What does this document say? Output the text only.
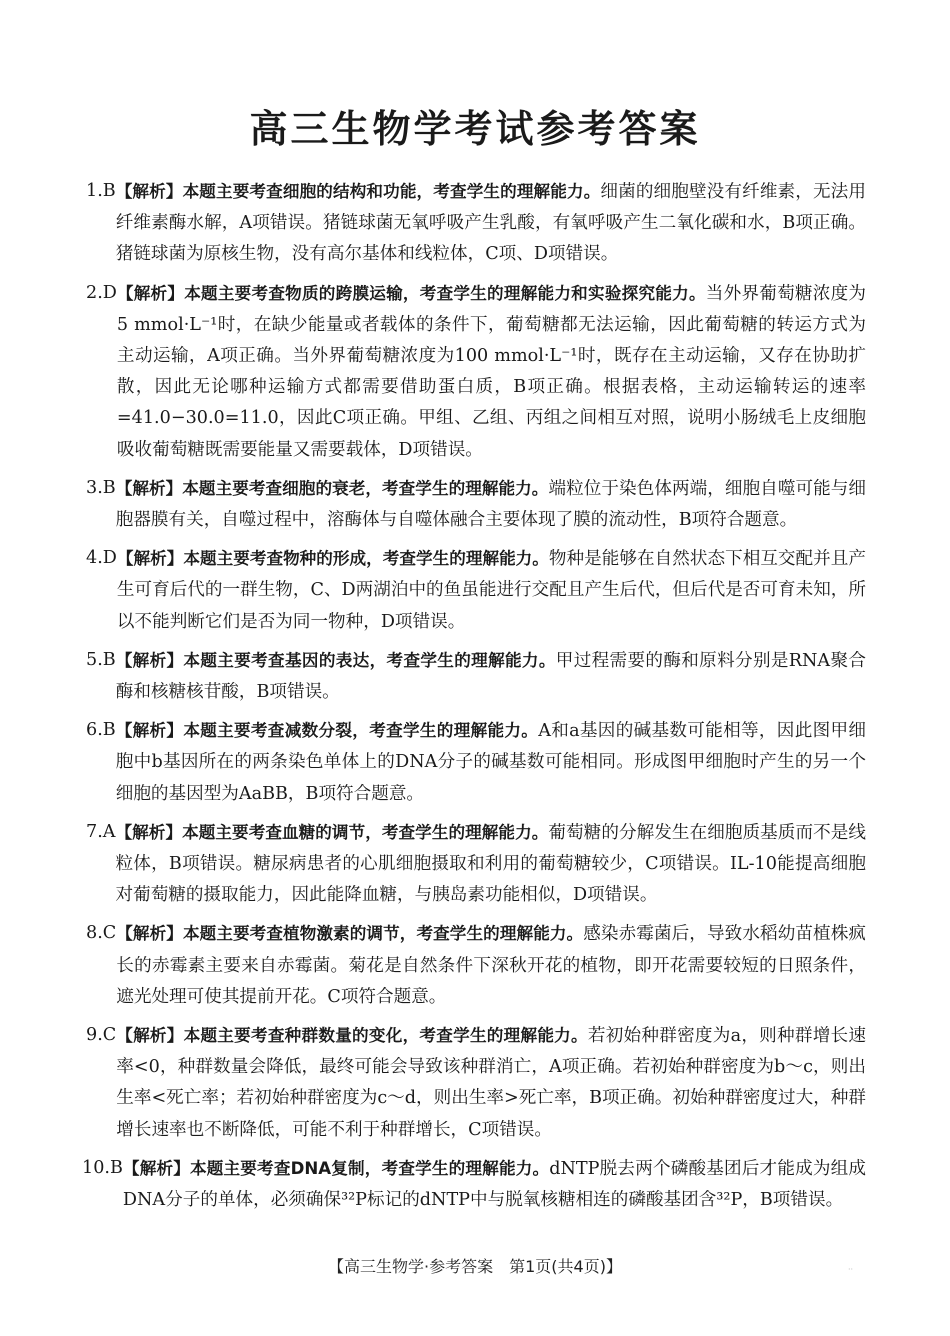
高三生物学考试参考答案
1.B 【解析】本题主要考查细胞的结构和功能，考查学生的理解能力。细菌的细胞壁没有纤维素，无法用纤维素酶水解，A项错误。猪链球菌无氧呼吸产生乳酸，有氧呼吸产生二氧化碳和水，B项正确。猪链球菌为原核生物，没有高尔基体和线粒体，C项、D项错误。
2.D 【解析】本题主要考查物质的跨膜运输，考查学生的理解能力和实验探究能力。当外界葡萄糖浓度为5 mmol·L⁻¹时，在缺少能量或者载体的条件下，葡萄糖都无法运输，因此葡萄糖的转运方式为主动运输，A项正确。当外界葡萄糖浓度为100 mmol·L⁻¹时，既存在主动运输，又存在协助扩散，因此无论哪种运输方式都需要借助蛋白质，B项正确。根据表格，主动运输转运的速率=41.0−30.0=11.0，因此C项正确。甲组、乙组、丙组之间相互对照，说明小肠绒毛上皮细胞吸收葡萄糖既需要能量又需要载体，D项错误。
3.B 【解析】本题主要考查细胞的衰老，考查学生的理解能力。端粒位于染色体两端，细胞自噬可能与细胞器膜有关，自噬过程中，溶酶体与自噬体融合主要体现了膜的流动性，B项符合题意。
4.D 【解析】本题主要考查物种的形成，考查学生的理解能力。物种是能够在自然状态下相互交配并且产生可育后代的一群生物，C、D两湖泊中的鱼虽能进行交配且产生后代，但后代是否可育未知，所以不能判断它们是否为同一物种，D项错误。
5.B 【解析】本题主要考查基因的表达，考查学生的理解能力。甲过程需要的酶和原料分别是RNA聚合酶和核糖核苷酸，B项错误。
6.B 【解析】本题主要考查减数分裂，考查学生的理解能力。A和a基因的碱基数可能相等，因此图甲细胞中b基因所在的两条染色单体上的DNA分子的碱基数可能相同。形成图甲细胞时产生的另一个细胞的基因型为AaBB，B项符合题意。
7.A 【解析】本题主要考查血糖的调节，考查学生的理解能力。葡萄糖的分解发生在细胞质基质而不是线粒体，B项错误。糖尿病患者的心肌细胞摄取和利用的葡萄糖较少，C项错误。IL-10能提高细胞对葡萄糖的摄取能力，因此能降血糖，与胰岛素功能相似，D项错误。
8.C 【解析】本题主要考查植物激素的调节，考查学生的理解能力。感染赤霉菌后，导致水稻幼苗植株疯长的赤霉素主要来自赤霉菌。菊花是自然条件下深秋开花的植物，即开花需要较短的日照条件，遮光处理可使其提前开花。C项符合题意。
9.C 【解析】本题主要考查种群数量的变化，考查学生的理解能力。若初始种群密度为a，则种群增长速率<0，种群数量会降低，最终可能会导致该种群消亡，A项正确。若初始种群密度为b～c，则出生率<死亡率；若初始种群密度为c～d，则出生率>死亡率，B项正确。初始种群密度过大，种群增长速率也不断降低，可能不利于种群增长，C项错误。
10.B 【解析】本题主要考查DNA复制，考查学生的理解能力。dNTP脱去两个磷酸基团后才能成为组成DNA分子的单体，必须确保³²P标记的dNTP中与脱氧核糖相连的磷酸基团含³²P，B项错误。
【高三生物学·参考答案　第1页(共4页)】	··
